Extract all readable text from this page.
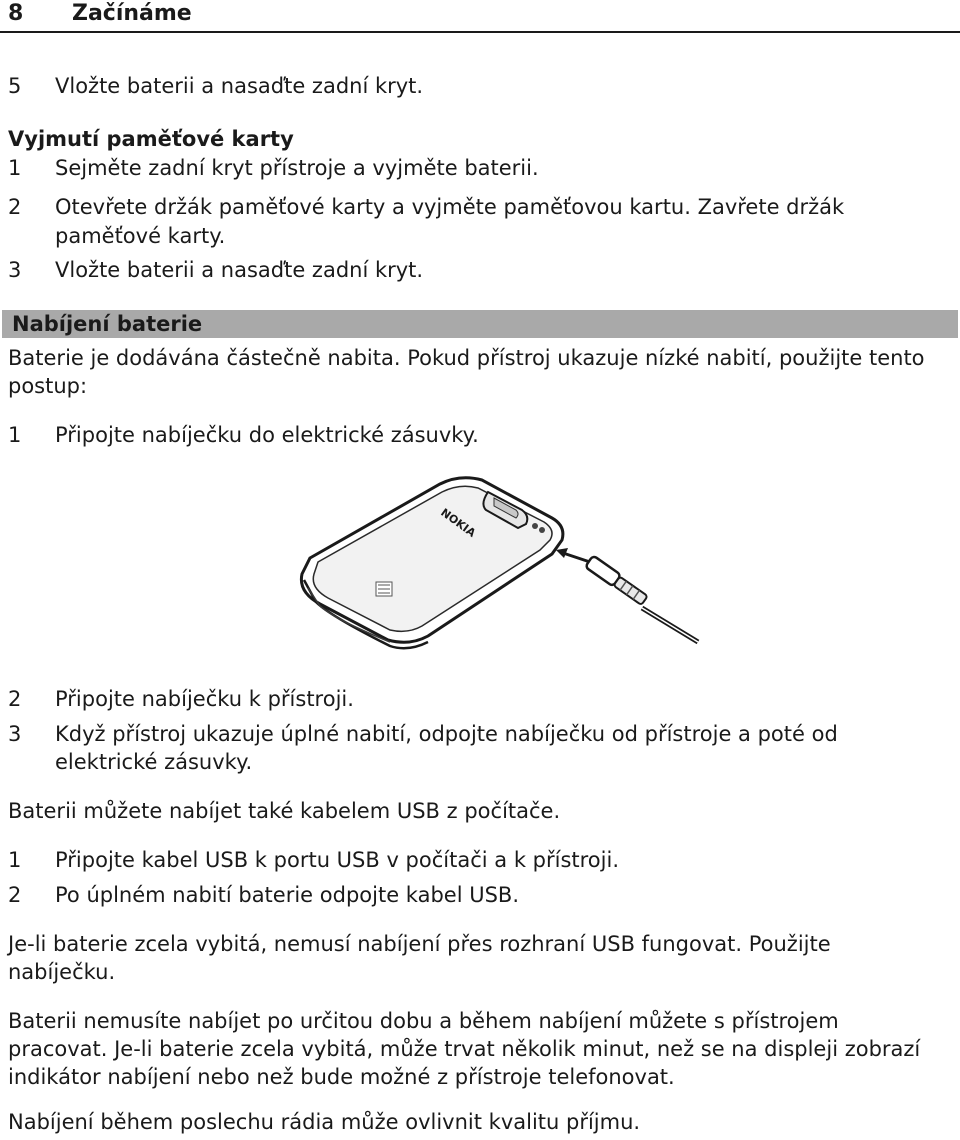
8 Začínáme
5 Vložte baterii a nasaďte zadní kryt.
Vyjmutí paměťové karty
1 Sejměte zadní kryt přístroje a vyjměte baterii.
2 Otevřete držák paměťové karty a vyjměte paměťovou kartu. Zavřete držák
paměťové karty.
3 Vložte baterii a nasaďte zadní kryt.
Nabíjení baterie
Baterie je dodávána částečně nabita. Pokud přístroj ukazuje nízké nabití, použijte tento
postup:
1 Připojte nabíječku do elektrické zásuvky.
NOKIA
2 Připojte nabíječku k přístroji.
3 Když přístroj ukazuje úplné nabití, odpojte nabíječku od přístroje a poté od
elektrické zásuvky.
Baterii můžete nabíjet také kabelem USB z počítače.
1 Připojte kabel USB k portu USB v počítači a k přístroji.
2 Po úplném nabití baterie odpojte kabel USB.
Je-li baterie zcela vybitá, nemusí nabíjení přes rozhraní USB fungovat. Použijte
nabíječku.
Baterii nemusíte nabíjet po určitou dobu a během nabíjení můžete s přístrojem
pracovat. Je-li baterie zcela vybitá, může trvat několik minut, než se na displeji zobrazí
indikátor nabíjení nebo než bude možné z přístroje telefonovat.
Nabíjení během poslechu rádia může ovlivnit kvalitu příjmu.
